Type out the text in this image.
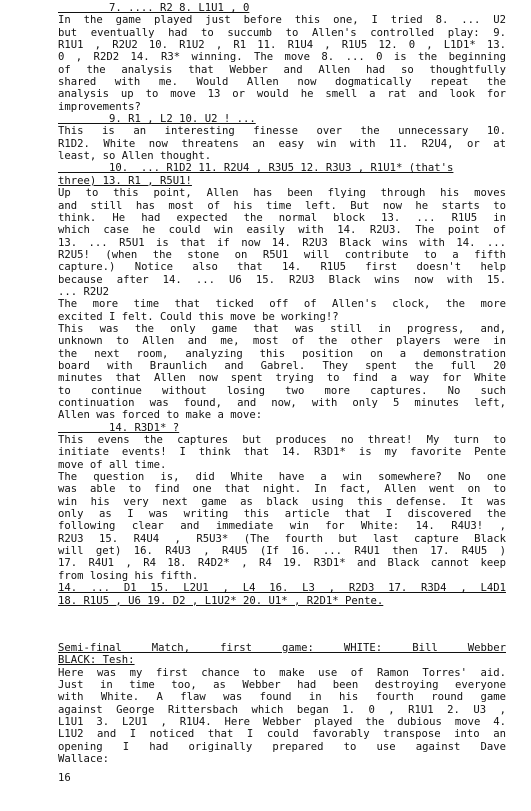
7. .... R2 8. L1U1 , 0
In the game played just before this one, I tried 8. ... U2
but eventually had to succumb to Allen's controlled play: 9.
R1U1 , R2U2 10. R1U2 , R1 11. R1U4 , R1U5 12. 0 , L1D1* 13.
0 , R2D2 14. R3* winning. The move 8. ... 0 is the beginning
of the analysis that Webber and Allen had so thoughtfully
shared with me. Would Allen now dogmatically repeat the
analysis up to move 13 or would he smell a rat and look for
improvements?
9. R1 , L2 10. U2 ! ...
This is an interesting finesse over the unnecessary 10.
R1D2. White now threatens an easy win with 11. R2U4, or at
least, so Allen thought.
10.  ... R1D2 11. R2U4 , R3U5 12. R3U3 , R1U1* (that's
three) 13. R1 , R5U1!
Up to this point, Allen has been flying through his moves
and still has most of his time left. But now he starts to
think. He had expected the normal block 13. ... R1U5 in
which case he could win easily with 14. R2U3. The point of
13. ... R5U1 is that if now 14. R2U3 Black wins with 14. ...
R2U5! (when the stone on R5U1 will contribute to a fifth
capture.) Notice also that 14. R1U5 first doesn't help
because after 14. ... U6 15. R2U3 Black wins now with 15.
... R2U2
The more time that ticked off of Allen's clock, the more
excited I felt. Could this move be working!?
This was the only game that was still in progress, and,
unknown to Allen and me, most of the other players were in
the next room, analyzing this position on a demonstration
board with Braunlich and Gabrel. They spent the full 20
minutes that Allen now spent trying to find a way for White
to continue without losing two more captures. No such
continuation was found, and now, with only 5 minutes left,
Allen was forced to make a move:
14. R3D1* ?
This evens the captures but produces no threat! My turn to
initiate events! I think that 14. R3D1* is my favorite Pente
move of all time.
The question is, did White have a win somewhere? No one
was able to find one that night. In fact, Allen went on to
win his very next game as black using this defense. It was
only as I was writing this article that I discovered the
following clear and immediate win for White: 14. R4U3! ,
R2U3 15. R4U4 , R5U3* (The fourth but last capture Black
will get) 16. R4U3 , R4U5 (If 16. ... R4U1 then 17. R4U5 )
17. R4U1 , R4 18. R4D2* , R4 19. R3D1* and Black cannot keep
from losing his fifth.
14. ... D1 15. L2U1 , L4 16. L3 , R2D3 17. R3D4 , L4D1
18. R1U5 , U6 19. D2 , L1U2* 20. U1* , R2D1* Pente.
Semi-final Match, first game: WHITE: Bill Webber
BLACK: Tesh:
Here was my first chance to make use of Ramon Torres' aid.
Just in time too, as Webber had been destroying everyone
with White. A flaw was found in his fourth round game
against George Rittersbach which began 1. 0 , R1U1 2. U3 ,
L1U1 3. L2U1 , R1U4. Here Webber played the dubious move 4.
L1U2 and I noticed that I could favorably transpose into an
opening I had originally prepared to use against Dave
Wallace:
16
